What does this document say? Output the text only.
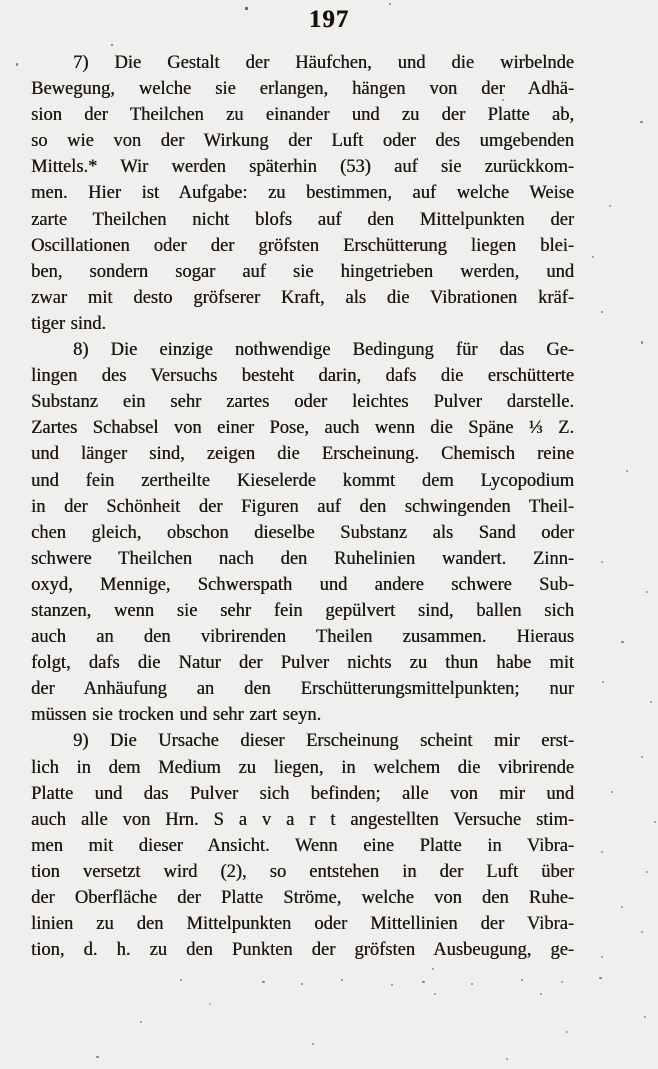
197
7) Die Gestalt der Häufchen, und die wirbelnde
Bewegung, welche sie erlangen, hängen von der Adhä-
sion der Theilchen zu einander und zu der Platte ab,
so wie von der Wirkung der Luft oder des umgebenden
Mittels.* Wir werden späterhin (53) auf sie zurückkom-
men. Hier ist Aufgabe: zu bestimmen, auf welche Weise
zarte Theilchen nicht blofs auf den Mittelpunkten der
Oscillationen oder der gröfsten Erschütterung liegen blei-
ben, sondern sogar auf sie hingetrieben werden, und
zwar mit desto gröfserer Kraft, als die Vibrationen kräf-
tiger sind.
8) Die einzige nothwendige Bedingung für das Ge-
lingen des Versuchs besteht darin, dafs die erschütterte
Substanz ein sehr zartes oder leichtes Pulver darstelle.
Zartes Schabsel von einer Pose, auch wenn die Späne ⅓ Z.
und länger sind, zeigen die Erscheinung. Chemisch reine
und fein zertheilte Kieselerde kommt dem Lycopodium
in der Schönheit der Figuren auf den schwingenden Theil-
chen gleich, obschon dieselbe Substanz als Sand oder
schwere Theilchen nach den Ruhelinien wandert. Zinn-
oxyd, Mennige, Schwerspath und andere schwere Sub-
stanzen, wenn sie sehr fein gepülvert sind, ballen sich
auch an den vibrirenden Theilen zusammen. Hieraus
folgt, dafs die Natur der Pulver nichts zu thun habe mit
der Anhäufung an den Erschütterungsmittelpunkten; nur
müssen sie trocken und sehr zart seyn.
9) Die Ursache dieser Erscheinung scheint mir erst-
lich in dem Medium zu liegen, in welchem die vibrirende
Platte und das Pulver sich befinden; alle von mir und
auch alle von Hrn. S a v a r t angestellten Versuche stim-
men mit dieser Ansicht. Wenn eine Platte in Vibra-
tion versetzt wird (2), so entstehen in der Luft über
der Oberfläche der Platte Ströme, welche von den Ruhe-
linien zu den Mittelpunkten oder Mittellinien der Vibra-
tion, d. h. zu den Punkten der gröfsten Ausbeugung, ge-
